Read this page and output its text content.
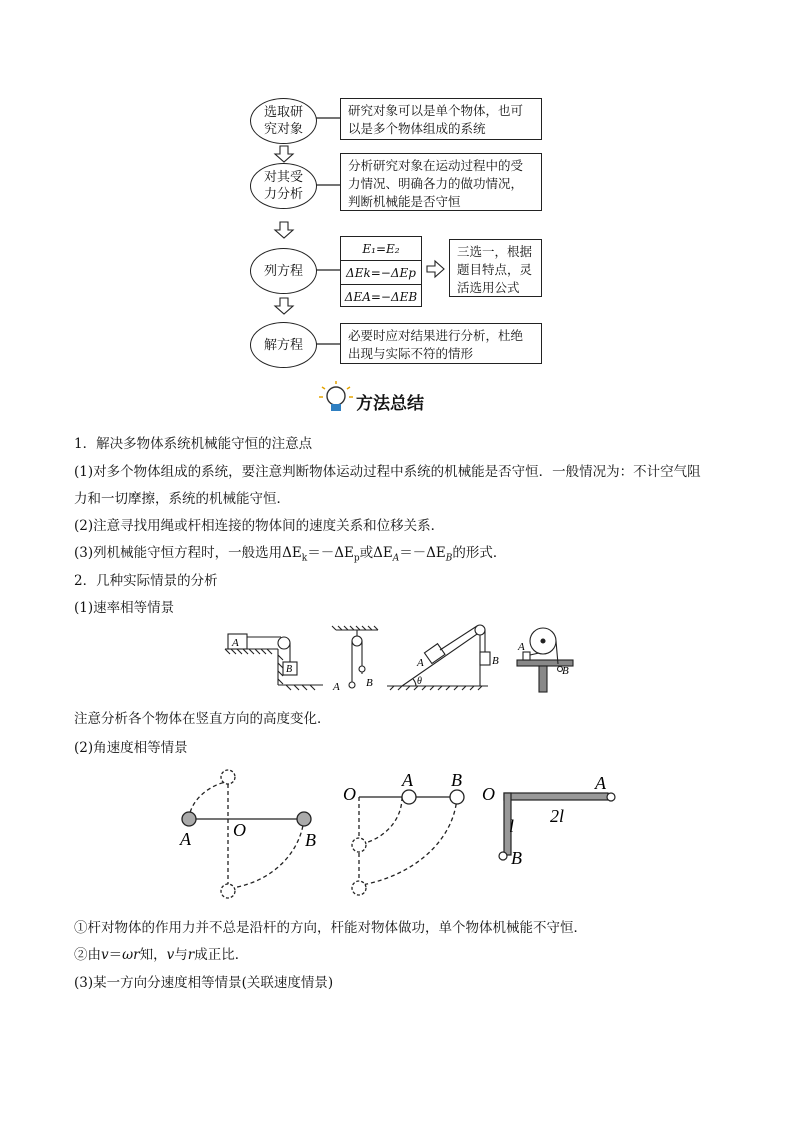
选取研
究对象
研究对象可以是单个物体，也可
以是多个物体组成的系统
对其受
力分析
分析研究对象在运动过程中的受
力情况、明确各力的做功情况，
判断机械能是否守恒
列方程
E₁=E₂
ΔEk=−ΔEp
ΔEA=−ΔEB
三选一，根据
题目特点，灵
活选用公式
解方程
必要时应对结果进行分析，杜绝
出现与实际不符的情形
方法总结
1．解决多物体系统机械能守恒的注意点
(1)对多个物体组成的系统，要注意判断物体运动过程中系统的机械能是否守恒．一般情况为：不计空气阻
力和一切摩擦，系统的机械能守恒．
(2)注意寻找用绳或杆相连接的物体间的速度关系和位移关系．
(3)列机械能守恒方程时，一般选用$\Delta E_k=-\Delta E_p$或$\Delta E_A=-\Delta E_B$的形式．
2．几种实际情景的分析
(1)速率相等情景
A
B
A B
A	B
θ
A
B
注意分析各个物体在竖直方向的高度变化．
(2)角速度相等情景
A O	B
O
A B
O
A
l 2l
B
①杆对物体的作用力并不总是沿杆的方向，杆能对物体做功，单个物体机械能不守恒．
②由v＝ωr知，v与r成正比．
(3)某一方向分速度相等情景(关联速度情景)
